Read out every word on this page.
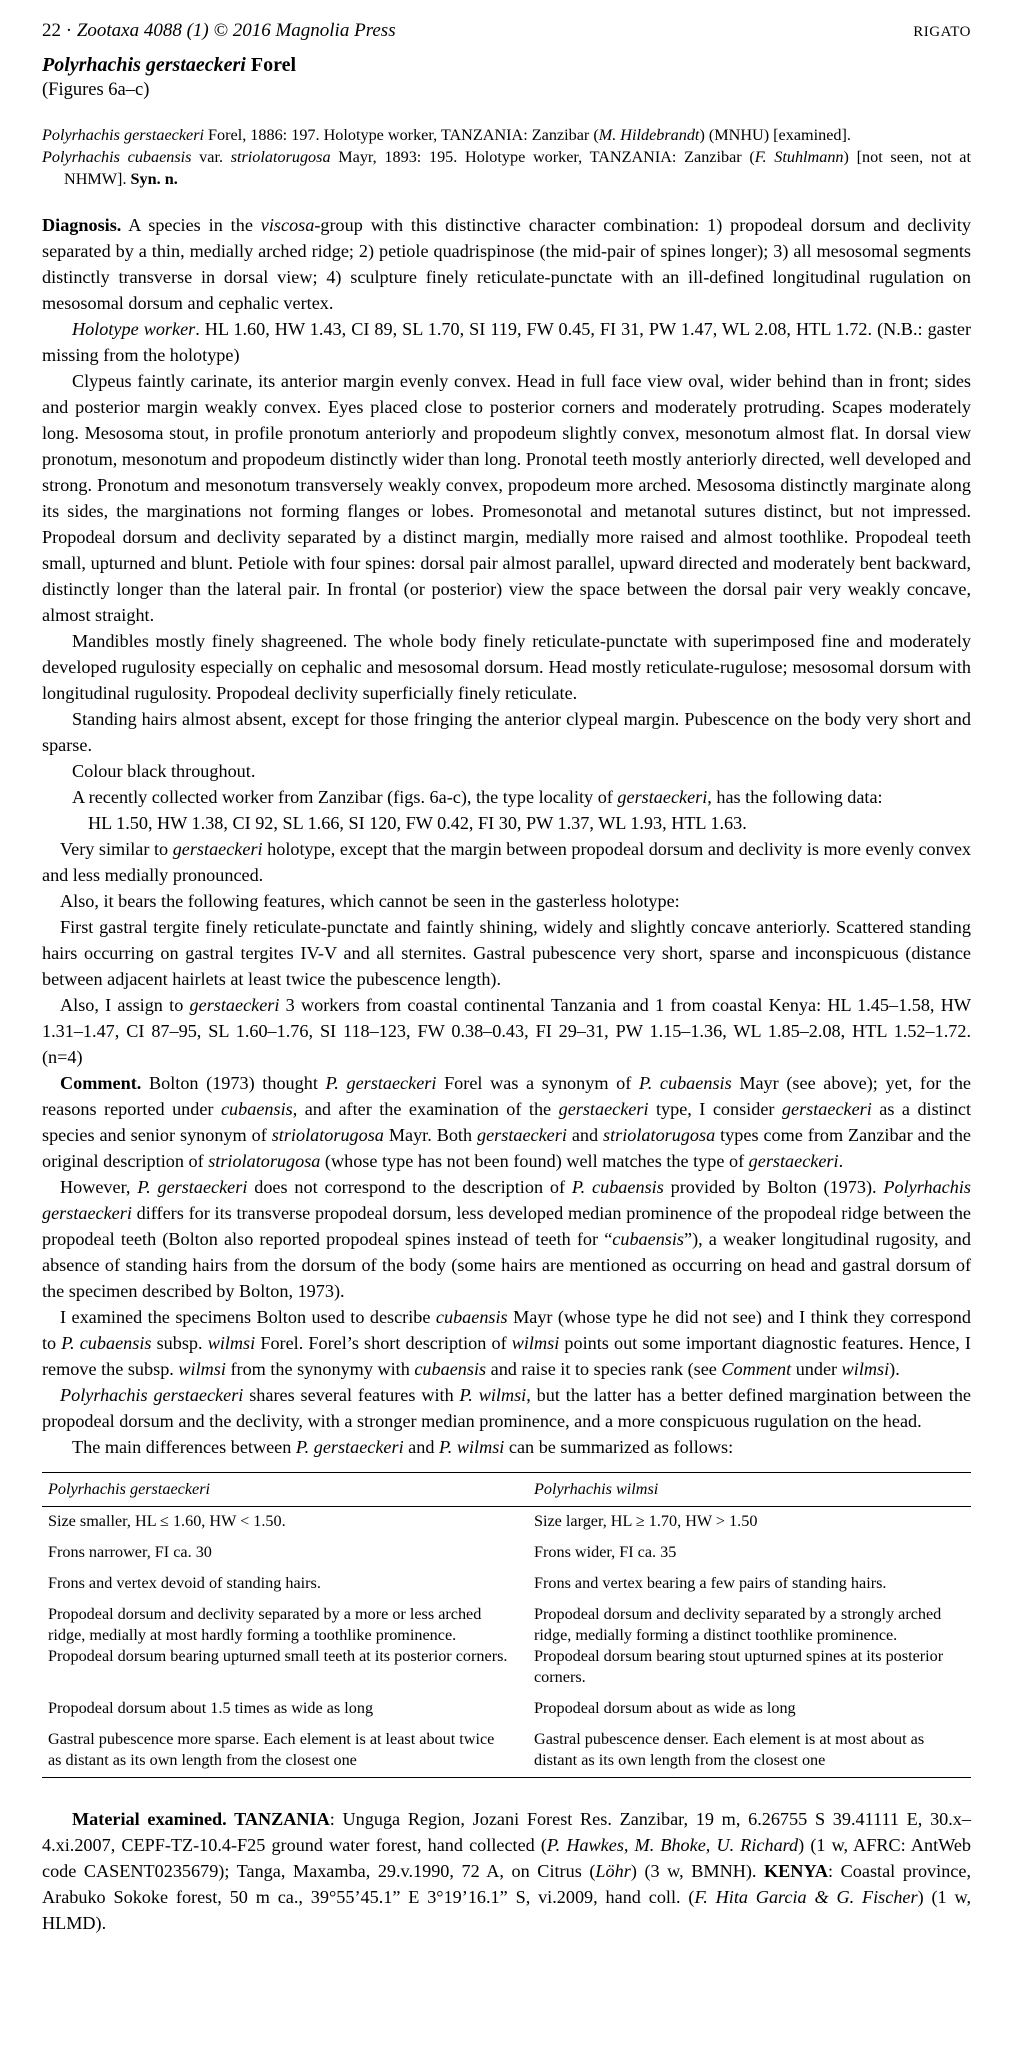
22 · Zootaxa 4088 (1) © 2016 Magnolia Press	RIGATO

Polyrhachis gerstaeckeri Forel

(Figures 6a–c)

Polyrhachis gerstaeckeri Forel, 1886: 197. Holotype worker, TANZANIA: Zanzibar (M. Hildebrandt) (MNHU) [examined].

Polyrhachis cubaensis var. striolatorugosa Mayr, 1893: 195. Holotype worker, TANZANIA: Zanzibar (F. Stuhlmann) [not seen, not at NHMW]. Syn. n.

Diagnosis. A species in the viscosa-group with this distinctive character combination: 1) propodeal dorsum and declivity separated by a thin, medially arched ridge; 2) petiole quadrispinose (the mid-pair of spines longer); 3) all mesosomal segments distinctly transverse in dorsal view; 4) sculpture finely reticulate-punctate with an ill-defined longitudinal rugulation on mesosomal dorsum and cephalic vertex.

Holotype worker. HL 1.60, HW 1.43, CI 89, SL 1.70, SI 119, FW 0.45, FI 31, PW 1.47, WL 2.08, HTL 1.72. (N.B.: gaster missing from the holotype)

Clypeus faintly carinate, its anterior margin evenly convex. Head in full face view oval, wider behind than in front; sides and posterior margin weakly convex. Eyes placed close to posterior corners and moderately protruding. Scapes moderately long. Mesosoma stout, in profile pronotum anteriorly and propodeum slightly convex, mesonotum almost flat. In dorsal view pronotum, mesonotum and propodeum distinctly wider than long. Pronotal teeth mostly anteriorly directed, well developed and strong. Pronotum and mesonotum transversely weakly convex, propodeum more arched. Mesosoma distinctly marginate along its sides, the marginations not forming flanges or lobes. Promesonotal and metanotal sutures distinct, but not impressed. Propodeal dorsum and declivity separated by a distinct margin, medially more raised and almost toothlike. Propodeal teeth small, upturned and blunt. Petiole with four spines: dorsal pair almost parallel, upward directed and moderately bent backward, distinctly longer than the lateral pair. In frontal (or posterior) view the space between the dorsal pair very weakly concave, almost straight.

Mandibles mostly finely shagreened. The whole body finely reticulate-punctate with superimposed fine and moderately developed rugulosity especially on cephalic and mesosomal dorsum. Head mostly reticulate-rugulose; mesosomal dorsum with longitudinal rugulosity. Propodeal declivity superficially finely reticulate.

Standing hairs almost absent, except for those fringing the anterior clypeal margin. Pubescence on the body very short and sparse.

Colour black throughout.

A recently collected worker from Zanzibar (figs. 6a-c), the type locality of gerstaeckeri, has the following data:

HL 1.50, HW 1.38, CI 92, SL 1.66, SI 120, FW 0.42, FI 30, PW 1.37, WL 1.93, HTL 1.63.

Very similar to gerstaeckeri holotype, except that the margin between propodeal dorsum and declivity is more evenly convex and less medially pronounced.

Also, it bears the following features, which cannot be seen in the gasterless holotype:

First gastral tergite finely reticulate-punctate and faintly shining, widely and slightly concave anteriorly. Scattered standing hairs occurring on gastral tergites IV-V and all sternites. Gastral pubescence very short, sparse and inconspicuous (distance between adjacent hairlets at least twice the pubescence length).

Also, I assign to gerstaeckeri 3 workers from coastal continental Tanzania and 1 from coastal Kenya: HL 1.45–1.58, HW 1.31–1.47, CI 87–95, SL 1.60–1.76, SI 118–123, FW 0.38–0.43, FI 29–31, PW 1.15–1.36, WL 1.85–2.08, HTL 1.52–1.72. (n=4)

Comment. Bolton (1973) thought P. gerstaeckeri Forel was a synonym of P. cubaensis Mayr (see above); yet, for the reasons reported under cubaensis, and after the examination of the gerstaeckeri type, I consider gerstaeckeri as a distinct species and senior synonym of striolatorugosa Mayr. Both gerstaeckeri and striolatorugosa types come from Zanzibar and the original description of striolatorugosa (whose type has not been found) well matches the type of gerstaeckeri.

However, P. gerstaeckeri does not correspond to the description of P. cubaensis provided by Bolton (1973). Polyrhachis gerstaeckeri differs for its transverse propodeal dorsum, less developed median prominence of the propodeal ridge between the propodeal teeth (Bolton also reported propodeal spines instead of teeth for “cubaensis”), a weaker longitudinal rugosity, and absence of standing hairs from the dorsum of the body (some hairs are mentioned as occurring on head and gastral dorsum of the specimen described by Bolton, 1973).

I examined the specimens Bolton used to describe cubaensis Mayr (whose type he did not see) and I think they correspond to P. cubaensis subsp. wilmsi Forel. Forel’s short description of wilmsi points out some important diagnostic features. Hence, I remove the subsp. wilmsi from the synonymy with cubaensis and raise it to species rank (see Comment under wilmsi).

Polyrhachis gerstaeckeri shares several features with P. wilmsi, but the latter has a better defined margination between the propodeal dorsum and the declivity, with a stronger median prominence, and a more conspicuous rugulation on the head.

The main differences between P. gerstaeckeri and P. wilmsi can be summarized as follows:

Polyrhachis gerstaeckeri	Polyrhachis wilmsi
Size smaller, HL ≤ 1.60, HW < 1.50.	Size larger, HL ≥ 1.70, HW > 1.50
Frons narrower, FI ca. 30	Frons wider, FI ca. 35
Frons and vertex devoid of standing hairs.	Frons and vertex bearing a few pairs of standing hairs.
Propodeal dorsum and declivity separated by a more or less arched ridge, medially at most hardly forming a toothlike prominence. Propodeal dorsum bearing upturned small teeth at its posterior corners.	Propodeal dorsum and declivity separated by a strongly arched ridge, medially forming a distinct toothlike prominence. Propodeal dorsum bearing stout upturned spines at its posterior corners.
Propodeal dorsum about 1.5 times as wide as long	Propodeal dorsum about as wide as long
Gastral pubescence more sparse. Each element is at least about twice as distant as its own length from the closest one	Gastral pubescence denser. Each element is at most about as distant as its own length from the closest one

Material examined. TANZANIA: Unguga Region, Jozani Forest Res. Zanzibar, 19 m, 6.26755 S 39.41111 E, 30.x–4.xi.2007, CEPF-TZ-10.4-F25 ground water forest, hand collected (P. Hawkes, M. Bhoke, U. Richard) (1 w, AFRC: AntWeb code CASENT0235679); Tanga, Maxamba, 29.v.1990, 72 A, on Citrus (Löhr) (3 w, BMNH). KENYA: Coastal province, Arabuko Sokoke forest, 50 m ca., 39°55’45.1” E 3°19’16.1” S, vi.2009, hand coll. (F. Hita Garcia & G. Fischer) (1 w, HLMD).
